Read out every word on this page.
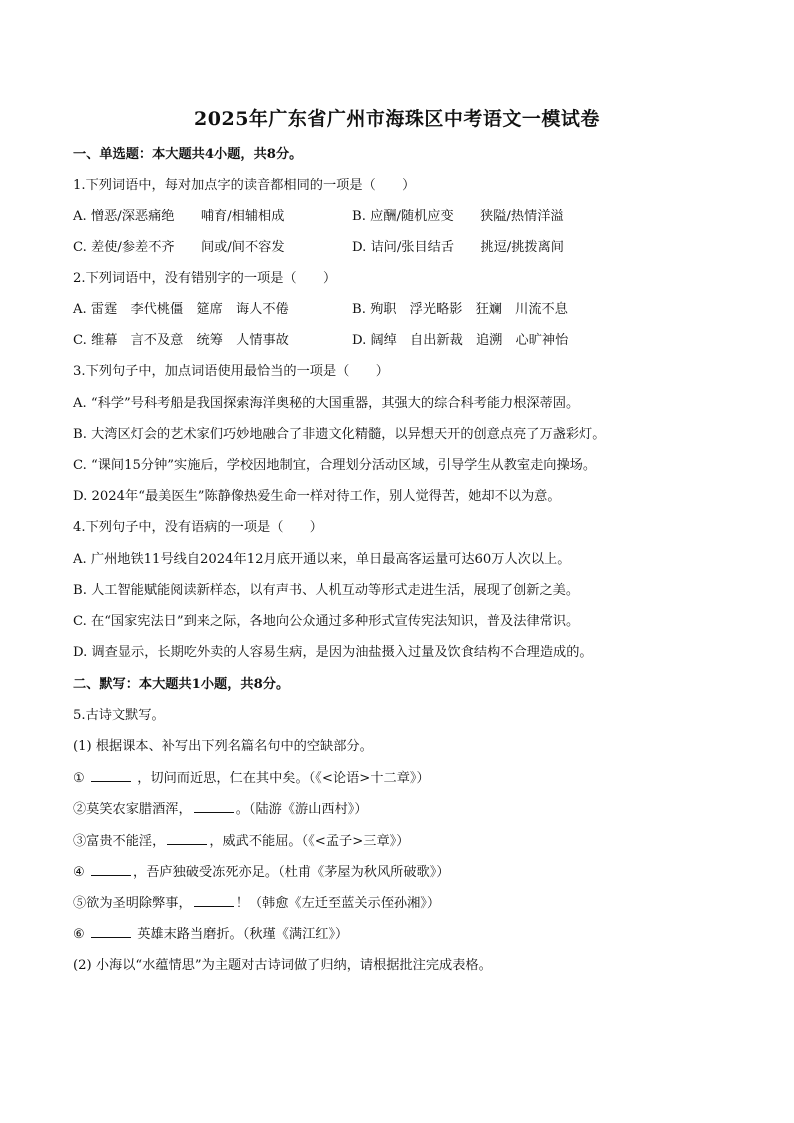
2025年广东省广州市海珠区中考语文一模试卷
一、单选题：本大题共4小题，共8分。
1.下列词语中，每对加点字的读音都相同的一项是（　　）
A. 憎恶/深恶痛绝　　哺育/相辅相成	B. 应酬/随机应变　　狭隘/热情洋溢
C. 差使/参差不齐　　间或/间不容发	D. 诘问/张目结舌　　挑逗/挑拨离间
2.下列词语中，没有错别字的一项是（　　）
A. 雷霆　李代桃僵　筵席　诲人不倦	B. 殉职　浮光略影　狂斓　川流不息
C. 维幕　言不及意　统筹　人情事故	D. 阔绰　自出新裁　追溯　心旷神怡
3.下列句子中，加点词语使用最恰当的一项是（　　）
A. “科学”号科考船是我国探索海洋奥秘的大国重器，其强大的综合科考能力根深蒂固。
B. 大湾区灯会的艺术家们巧妙地融合了非遗文化精髓，以异想天开的创意点亮了万盏彩灯。
C. “课间15分钟”实施后，学校因地制宜，合理划分活动区域，引导学生从教室走向操场。
D. 2024年“最美医生”陈静像热爱生命一样对待工作，别人觉得苦，她却不以为意。
4.下列句子中，没有语病的一项是（　　）
A. 广州地铁11号线自2024年12月底开通以来，单日最高客运量可达60万人次以上。
B. 人工智能赋能阅读新样态，以有声书、人机互动等形式走进生活，展现了创新之美。
C. 在“国家宪法日”到来之际，各地向公众通过多种形式宣传宪法知识，普及法律常识。
D. 调查显示，长期吃外卖的人容易生病，是因为油盐摄入过量及饮食结构不合理造成的。
二、默写：本大题共1小题，共8分。
5.古诗文默写。
(1) 根据课本、补写出下列名篇名句中的空缺部分。
①	，切问而近思，仁在其中矣。（《<论语>十二章》）
②莫笑农家腊酒浑，	。（陆游《游山西村》）
③富贵不能淫，	，威武不能屈。（《<孟子>三章》）
④	，吾庐独破受冻死亦足。（杜甫《茅屋为秋风所破歌》）
⑤欲为圣明除弊事，	！（韩愈《左迁至蓝关示侄孙湘》）
⑥	英雄末路当磨折。（秋瑾《满江红》）
(2) 小海以“水蕴情思”为主题对古诗词做了归纳，请根据批注完成表格。
